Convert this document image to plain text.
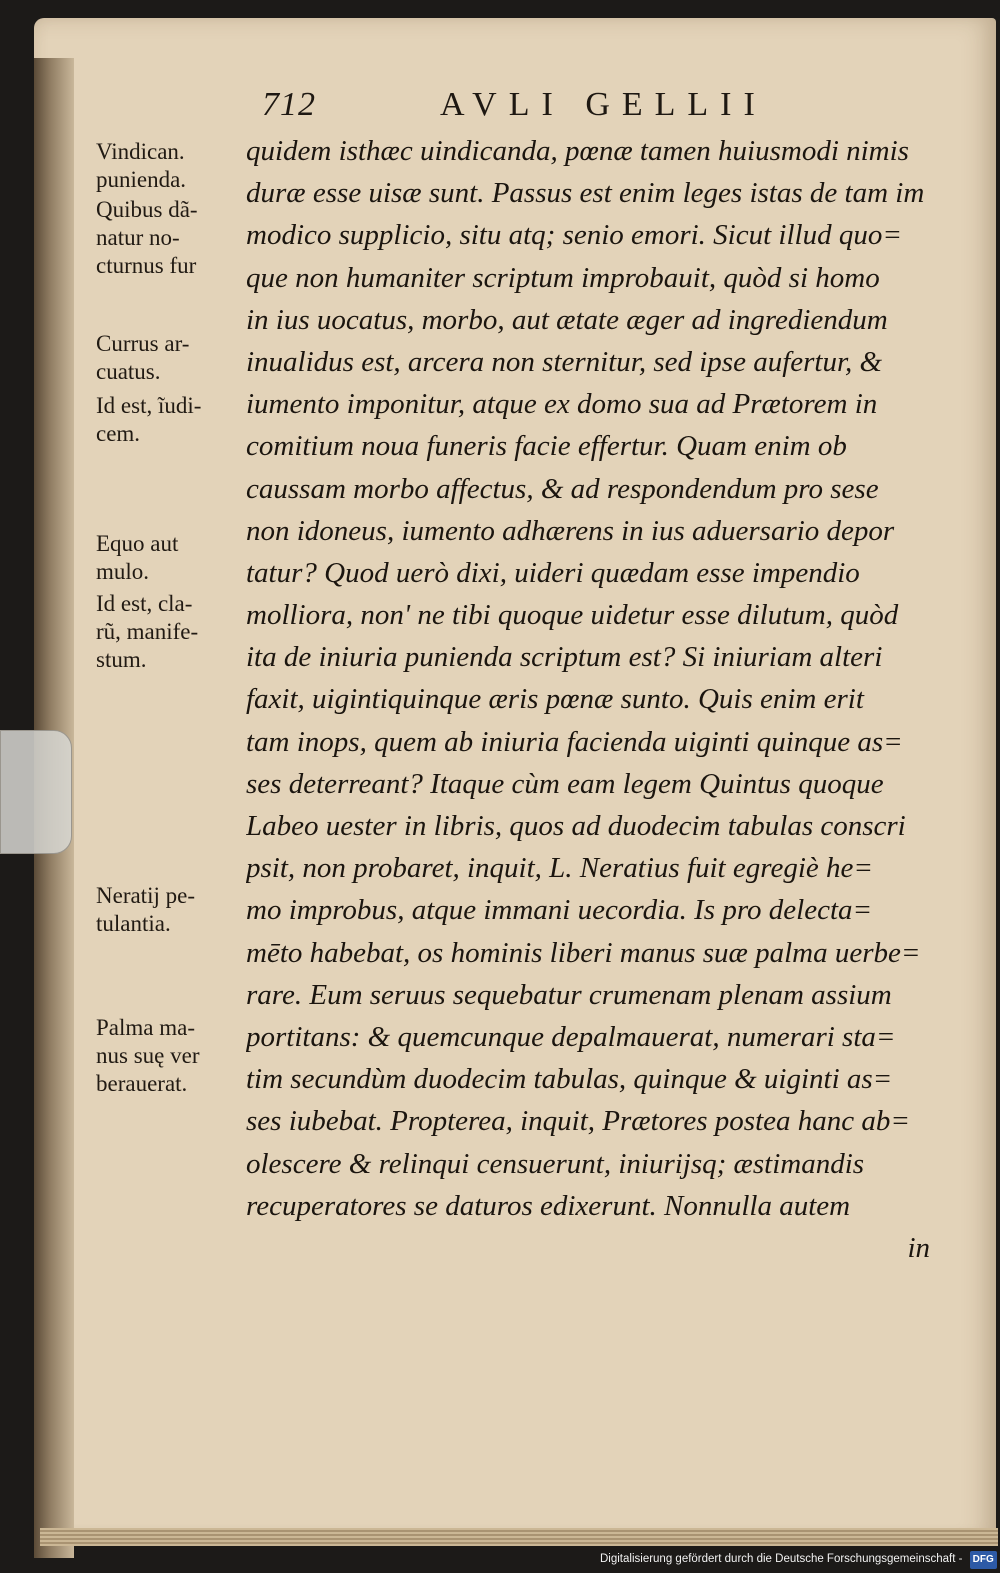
712	AVLI GELLII
Vindican.
punienda.
Quibus dã-
natur no-
c͏turnus fur
Currus ar-
cuatus.
Id est, ĩudi-
cem.
Equo aut
mulo.
Id est, cla-
rũ, manife-
stum.
Neratij pe-
tulantia.
Palma ma-
nus suę ver
berauerat.
quidem isthæc uindicanda, pœnæ tamen huiusmodi nimis
duræ esse uisæ sunt. Passus est enim leges istas de tam im
modico supplicio, situ atq; senio emori. Sicut illud quo=
que non humaniter scriptum improbauit, quòd si homo
in ius uocatus, morbo, aut ætate æger ad ingrediendum
inualidus est, arcera non sternitur, sed ipse aufertur, &
iumento imponitur, atque ex domo sua ad Prætorem in
comitium noua funeris facie effertur. Quam enim ob
caussam morbo affectus, & ad respondendum pro sese
non idoneus, iumento adhærens in ius aduersario depor
tatur? Quod uerò dixi, uideri quædam esse impendio
molliora, non' ne tibi quoque uidetur esse dilutum, quòd
ita de iniuria punienda scriptum est? Si iniuriam alteri
faxit, uigintiquinque æris pœnæ sunto. Quis enim erit
tam inops, quem ab iniuria facienda uiginti quinque as=
ses deterreant? Itaque cùm eam legem Quintus quoque
Labeo uester in libris, quos ad duodecim tabulas conscri
psit, non probaret, inquit, L. Neratius fuit egregiè he=
mo improbus, atque immani uecordia. Is pro delecta=
mēto habebat, os hominis liberi manus suæ palma uerbe=
rare. Eum seruus sequebatur crumenam plenam assium
portitans: & quemcunque depalmauerat, numerari sta=
tim secundùm duodecim tabulas, quinque & uiginti as=
ses iubebat. Propterea, inquit, Prætores postea hanc ab=
olescere & relinqui censuerunt, iniurijsq; æstimandis
recuperatores se daturos edixerunt. Nonnulla autem
in
Digitalisierung gefördert durch die Deutsche Forschungsgemeinschaft - DFG
